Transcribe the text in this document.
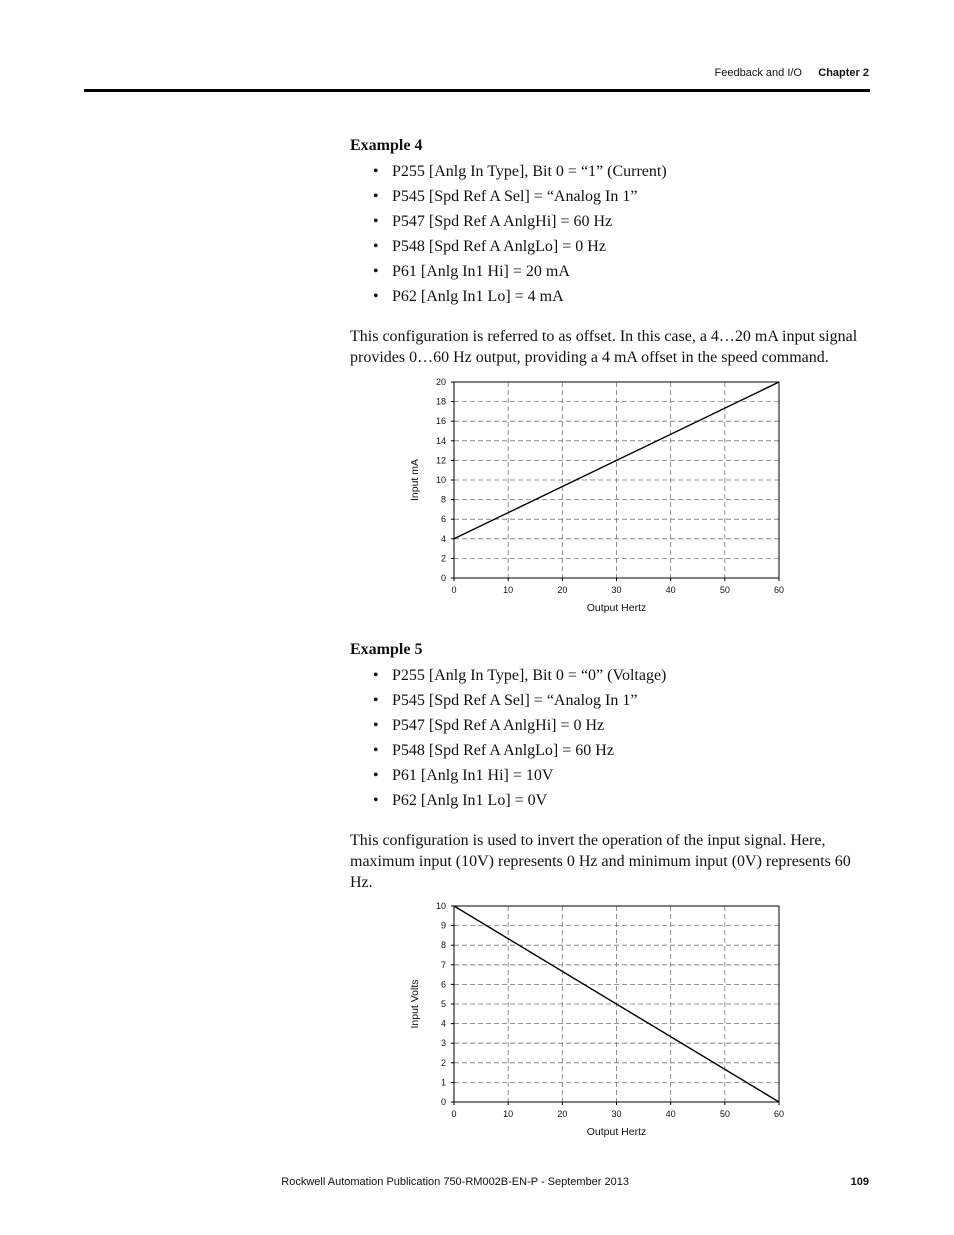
Feedback and I/O Chapter 2
Example 4
• P255 [Anlg In Type], Bit 0 = “1” (Current)
• P545 [Spd Ref A Sel] = “Analog In 1”
• P547 [Spd Ref A AnlgHi] = 60 Hz
• P548 [Spd Ref A AnlgLo] = 0 Hz
• P61 [Anlg In1 Hi] = 20 mA
• P62 [Anlg In1 Lo] = 4 mA

This configuration is referred to as offset. In this case, a 4…20 mA input signal provides 0…60 Hz output, providing a 4 mA offset in the speed command.

0	10	20	30	40	50	60
0
2
4
6
8
10
12
14
16
18
20
Output Hertz
Input mA
Example 5
• P255 [Anlg In Type], Bit 0 = “0” (Voltage)
• P545 [Spd Ref A Sel] = “Analog In 1”
• P547 [Spd Ref A AnlgHi] = 0 Hz
• P548 [Spd Ref A AnlgLo] = 60 Hz
• P61 [Anlg In1 Hi] = 10V
• P62 [Anlg In1 Lo] = 0V

This configuration is used to invert the operation of the input signal. Here, maximum input (10V) represents 0 Hz and minimum input (0V) represents 60 Hz.

0	10	20	30	40	50	60
0
1
2
3
4
5
6
7
8
9
10
Output Hertz
Input Volts
Rockwell Automation Publication 750-RM002B-EN-P - September 2013	109
